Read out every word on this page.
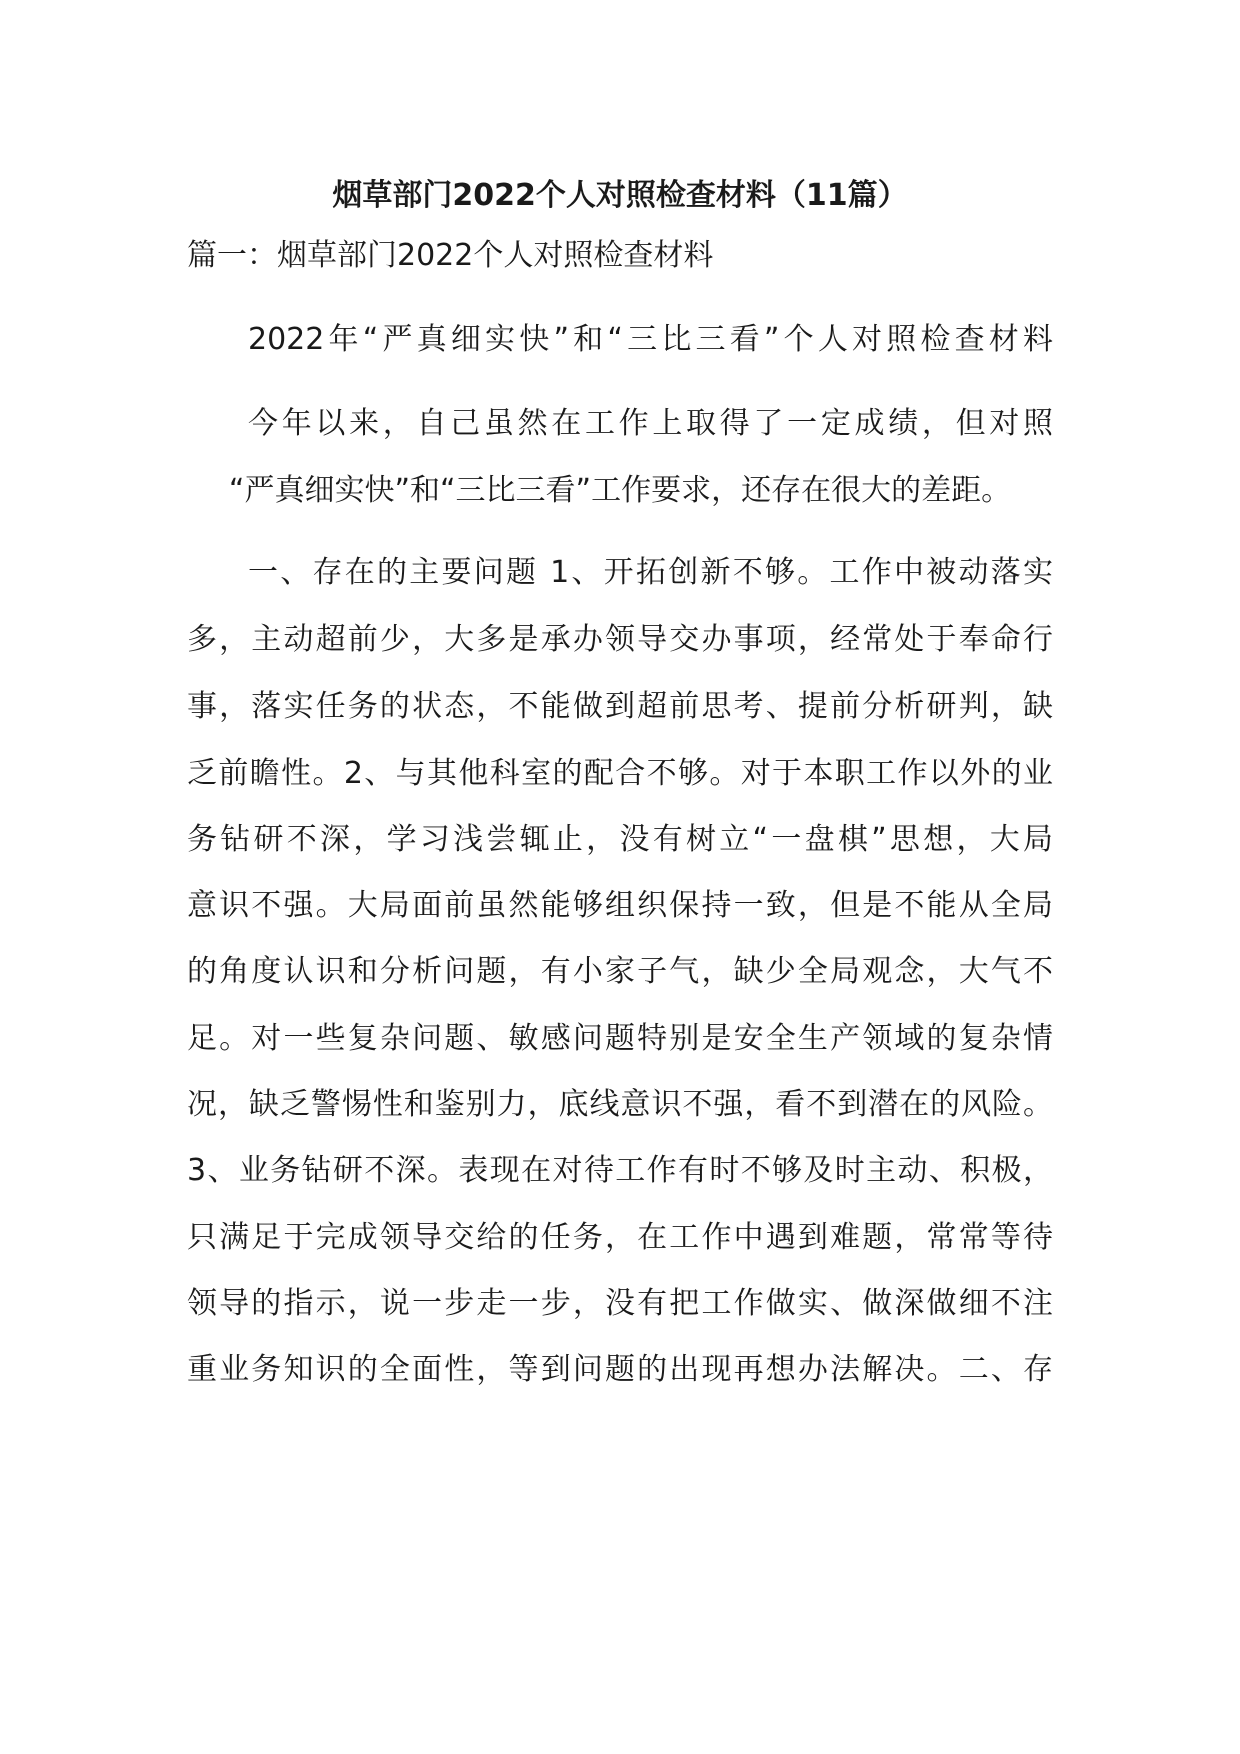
烟草部门2022个人对照检查材料（11篇）
篇一：烟草部门2022个人对照检查材料
2022年“严真细实快”和“三比三看”个人对照检查材料
今年以来，自己虽然在工作上取得了一定成绩，但对照
“严真细实快”和“三比三看”工作要求，还存在很大的差距。
一、存在的主要问题 1、开拓创新不够。工作中被动落实
多，主动超前少，大多是承办领导交办事项，经常处于奉命行
事，落实任务的状态，不能做到超前思考、提前分析研判，缺
乏前瞻性。2、与其他科室的配合不够。对于本职工作以外的业
务钻研不深，学习浅尝辄止，没有树立“一盘棋”思想，大局
意识不强。大局面前虽然能够组织保持一致，但是不能从全局
的角度认识和分析问题，有小家子气，缺少全局观念，大气不
足。对一些复杂问题、敏感问题特别是安全生产领域的复杂情
况，缺乏警惕性和鉴别力，底线意识不强，看不到潜在的风险。
3、业务钻研不深。表现在对待工作有时不够及时主动、积极，
只满足于完成领导交给的任务，在工作中遇到难题，常常等待
领导的指示，说一步走一步，没有把工作做实、做深做细不注
重业务知识的全面性，等到问题的出现再想办法解决。二、存
